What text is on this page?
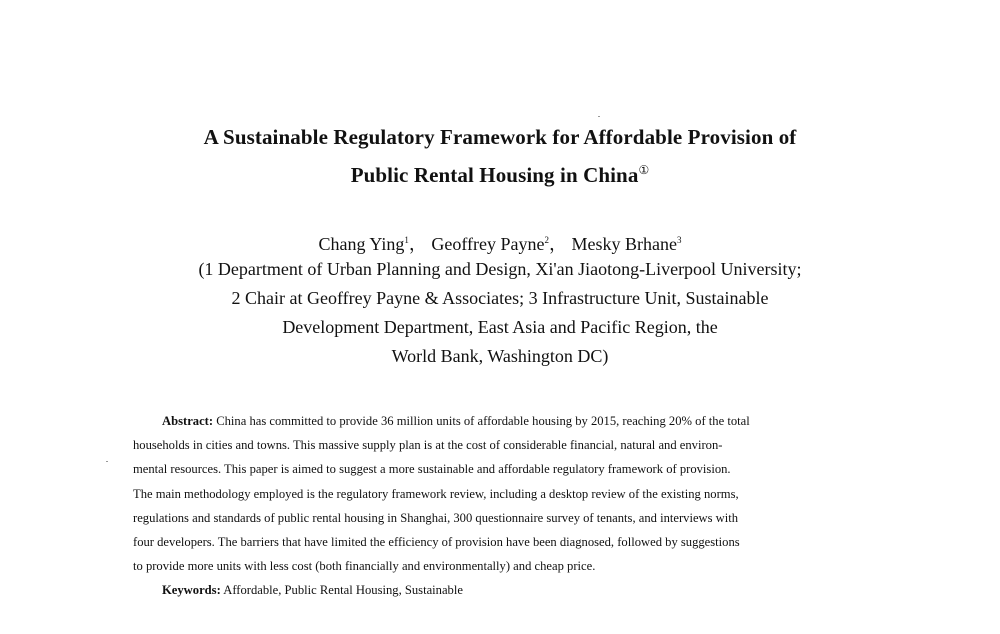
A Sustainable Regulatory Framework for Affordable Provision of
Public Rental Housing in China①
Chang Ying$^1$， Geoffrey Payne$^2$， Mesky Brhane$^3$
(1 Department of Urban Planning and Design, Xi'an Jiaotong-Liverpool University;
2 Chair at Geoffrey Payne & Associates; 3 Infrastructure Unit, Sustainable
Development Department, East Asia and Pacific Region, the
World Bank, Washington DC)
Abstract: China has committed to provide 36 million units of affordable housing by 2015, reaching 20% of the total
households in cities and towns. This massive supply plan is at the cost of considerable financial, natural and environ-
mental resources. This paper is aimed to suggest a more sustainable and affordable regulatory framework of provision.
The main methodology employed is the regulatory framework review, including a desktop review of the existing norms,
regulations and standards of public rental housing in Shanghai, 300 questionnaire survey of tenants, and interviews with
four developers. The barriers that have limited the efficiency of provision have been diagnosed, followed by suggestions
to provide more units with less cost (both financially and environmentally) and cheap price.
Keywords: Affordable, Public Rental Housing, Sustainable
